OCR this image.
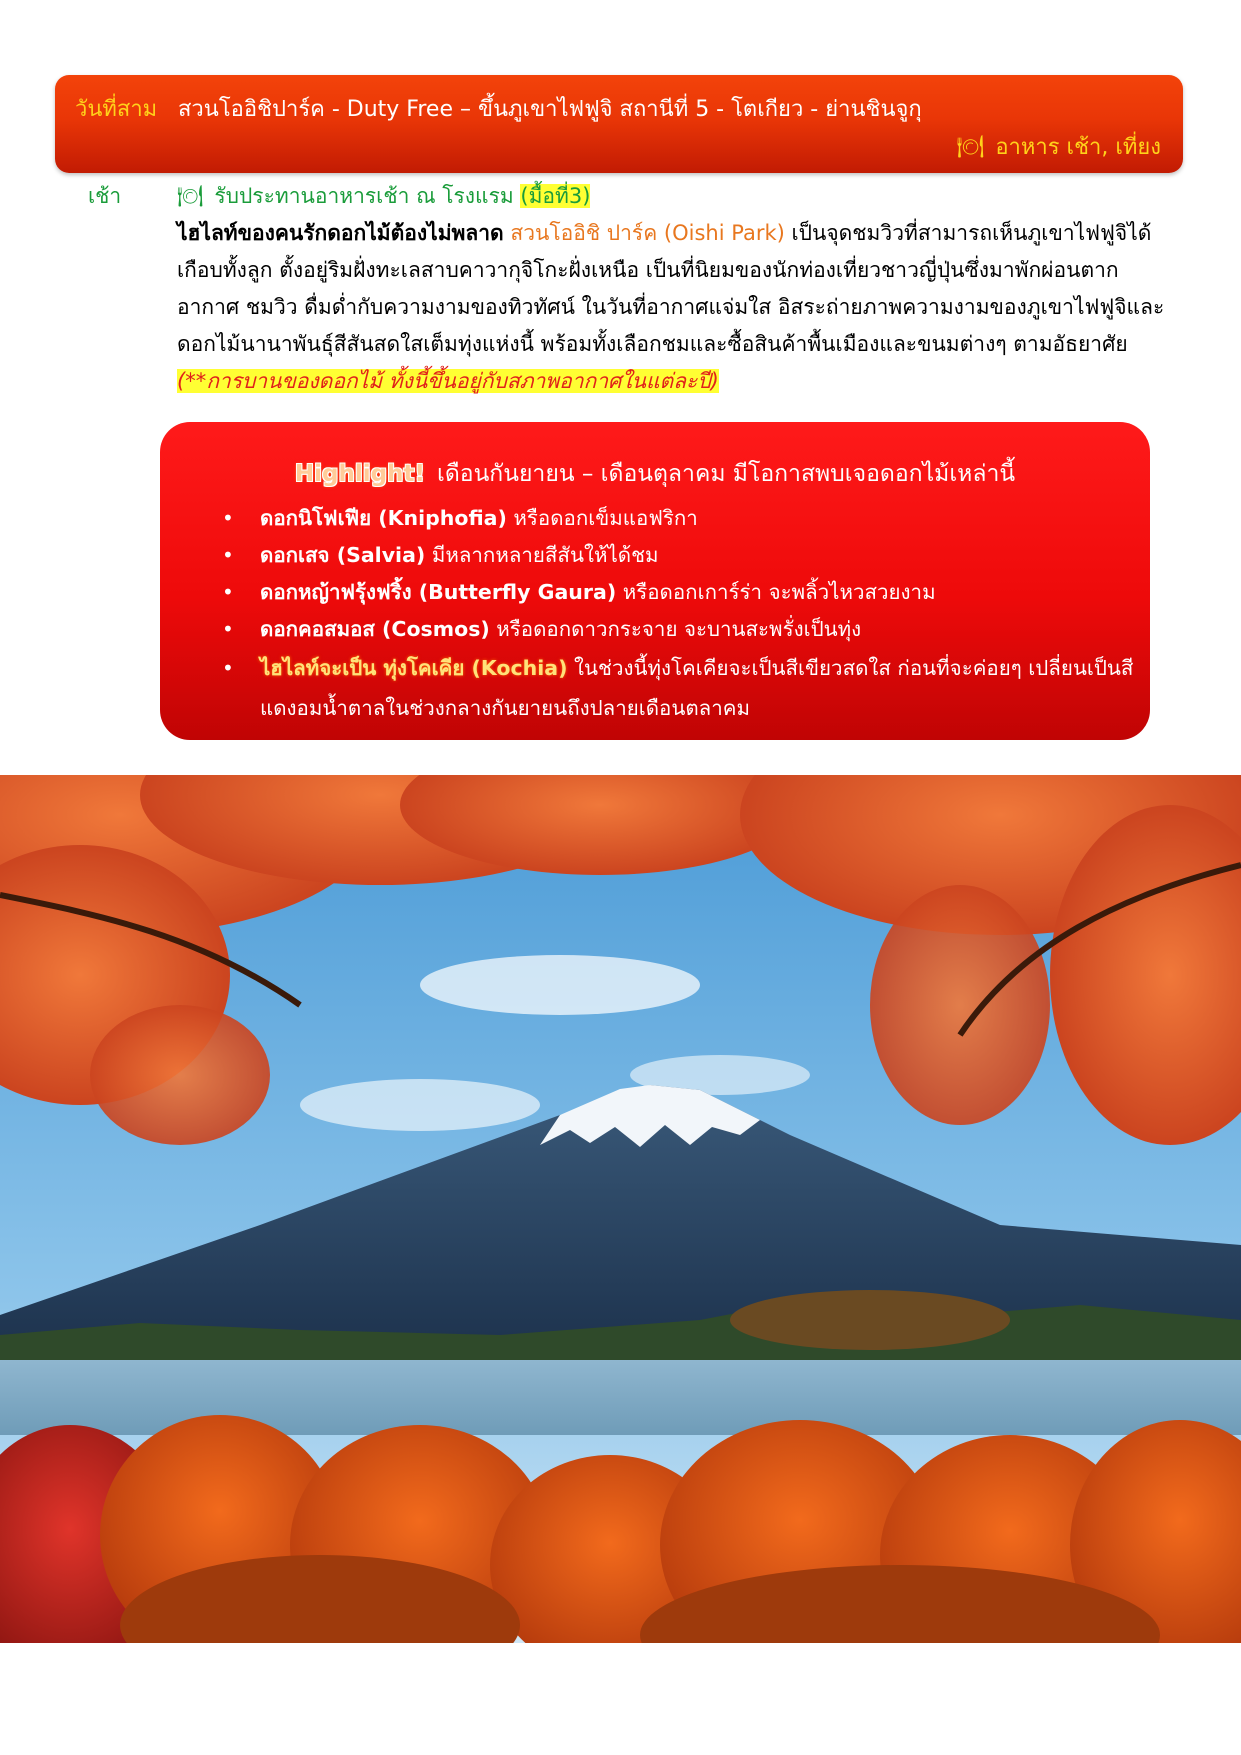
วันที่สาม สวนโออิชิปาร์ค - Duty Free – ขึ้นภูเขาไฟฟูจิ สถานีที่ 5 - โตเกียว - ย่านชินจูกุ
🍽 อาหาร เช้า, เที่ยง
เช้า	🍽 รับประทานอาหารเช้า ณ โรงแรม (มื้อที่3)
ไฮไลท์ของคนรักดอกไม้ต้องไม่พลาด สวนโออิชิ ปาร์ค (Oishi Park) เป็นจุดชมวิวที่สามารถเห็นภูเขาไฟฟูจิได้เกือบทั้งลูก ตั้งอยู่ริมฝั่งทะเลสาบคาวากุจิโกะฝั่งเหนือ เป็นที่นิยมของนักท่องเที่ยวชาวญี่ปุ่นซึ่งมาพักผ่อนตากอากาศ ชมวิว ดื่มด่ำกับความงามของทิวทัศน์ ในวันที่อากาศแจ่มใส อิสระถ่ายภาพความงามของภูเขาไฟฟูจิและดอกไม้นานาพันธุ์สีสันสดใสเต็มทุ่งแห่งนี้ พร้อมทั้งเลือกชมและซื้อสินค้าพื้นเมืองและขนมต่างๆ ตามอัธยาศัย
(**การบานของดอกไม้ ทั้งนี้ขึ้นอยู่กับสภาพอากาศในแต่ละปี)
Highlight! เดือนกันยายน – เดือนตุลาคม มีโอกาสพบเจอดอกไม้เหล่านี้
• ดอกนิโฟเฟีย (Kniphofia) หรือดอกเข็มแอฟริกา
• ดอกเสจ (Salvia) มีหลากหลายสีสันให้ได้ชม
• ดอกหญ้าฟรุ้งฟริ้ง (Butterfly Gaura) หรือดอกเการ์ร่า จะพลิ้วไหวสวยงาม
• ดอกคอสมอส (Cosmos) หรือดอกดาวกระจาย จะบานสะพรั่งเป็นทุ่ง
• ไฮไลท์จะเป็น ทุ่งโคเคีย (Kochia) ในช่วงนี้ทุ่งโคเคียจะเป็นสีเขียวสดใส ก่อนที่จะค่อยๆ เปลี่ยนเป็นสีแดงอมน้ำตาลในช่วงกลางกันยายนถึงปลายเดือนตลาคม
